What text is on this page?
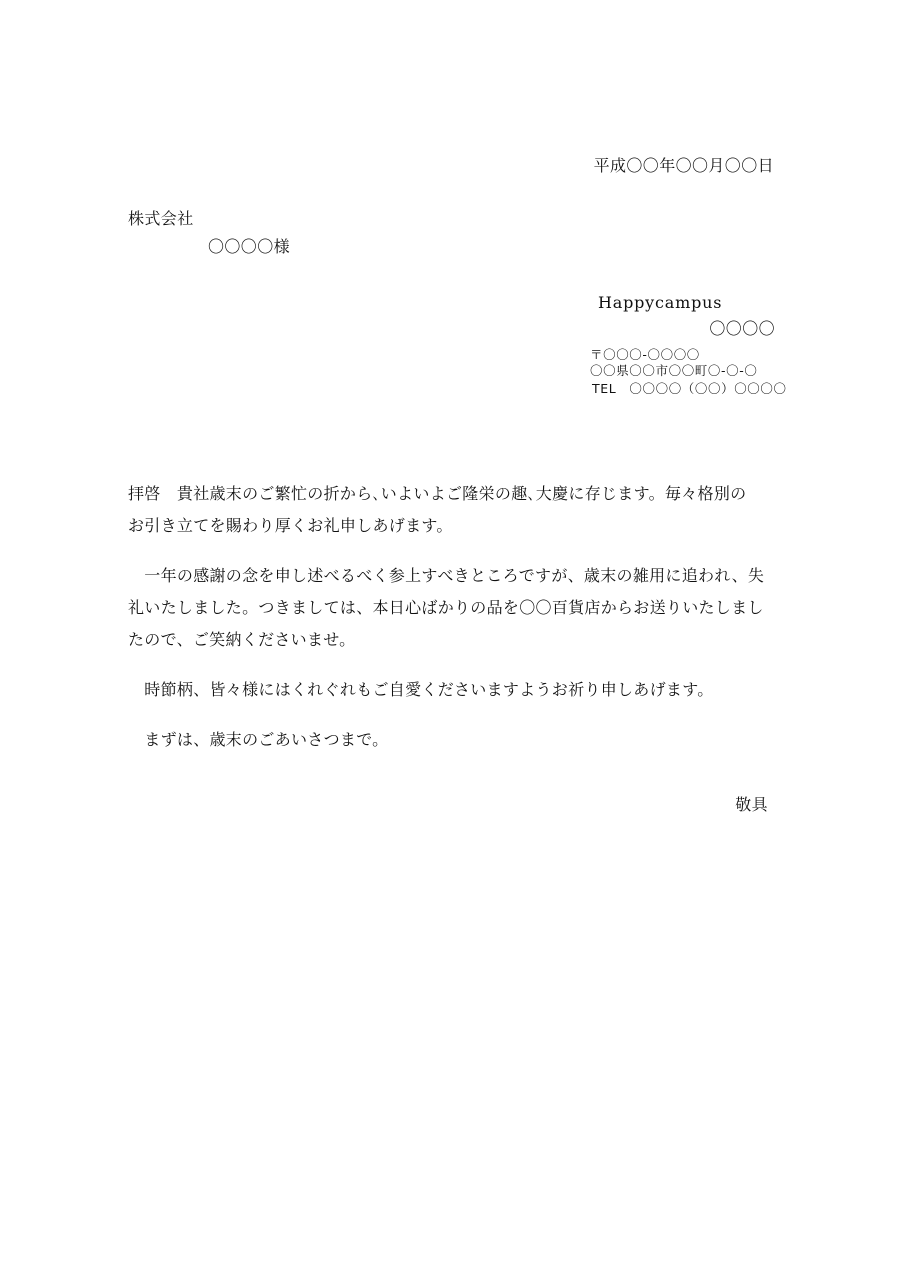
平成〇〇年〇〇月〇〇日
株式会社
〇〇〇〇様
Happycampus
〇〇〇〇
〒〇〇〇-〇〇〇〇
〇〇県〇〇市〇〇町〇-〇-〇
TEL　〇〇〇〇（〇〇）〇〇〇〇

拝啓　貴社歳末のご繁忙の折から､いよいよご隆栄の趣､大慶に存じます。毎々格別の
お引き立てを賜わり厚くお礼申しあげます。

　一年の感謝の念を申し述べるべく参上すべきところですが、歳末の雑用に追われ、失
礼いたしました。つきましては、本日心ばかりの品を〇〇百貨店からお送りいたしまし
たので、ご笑納くださいませ。

　時節柄、皆々様にはくれぐれもご自愛くださいますようお祈り申しあげます。

　まずは、歳末のごあいさつまで。

敬具
